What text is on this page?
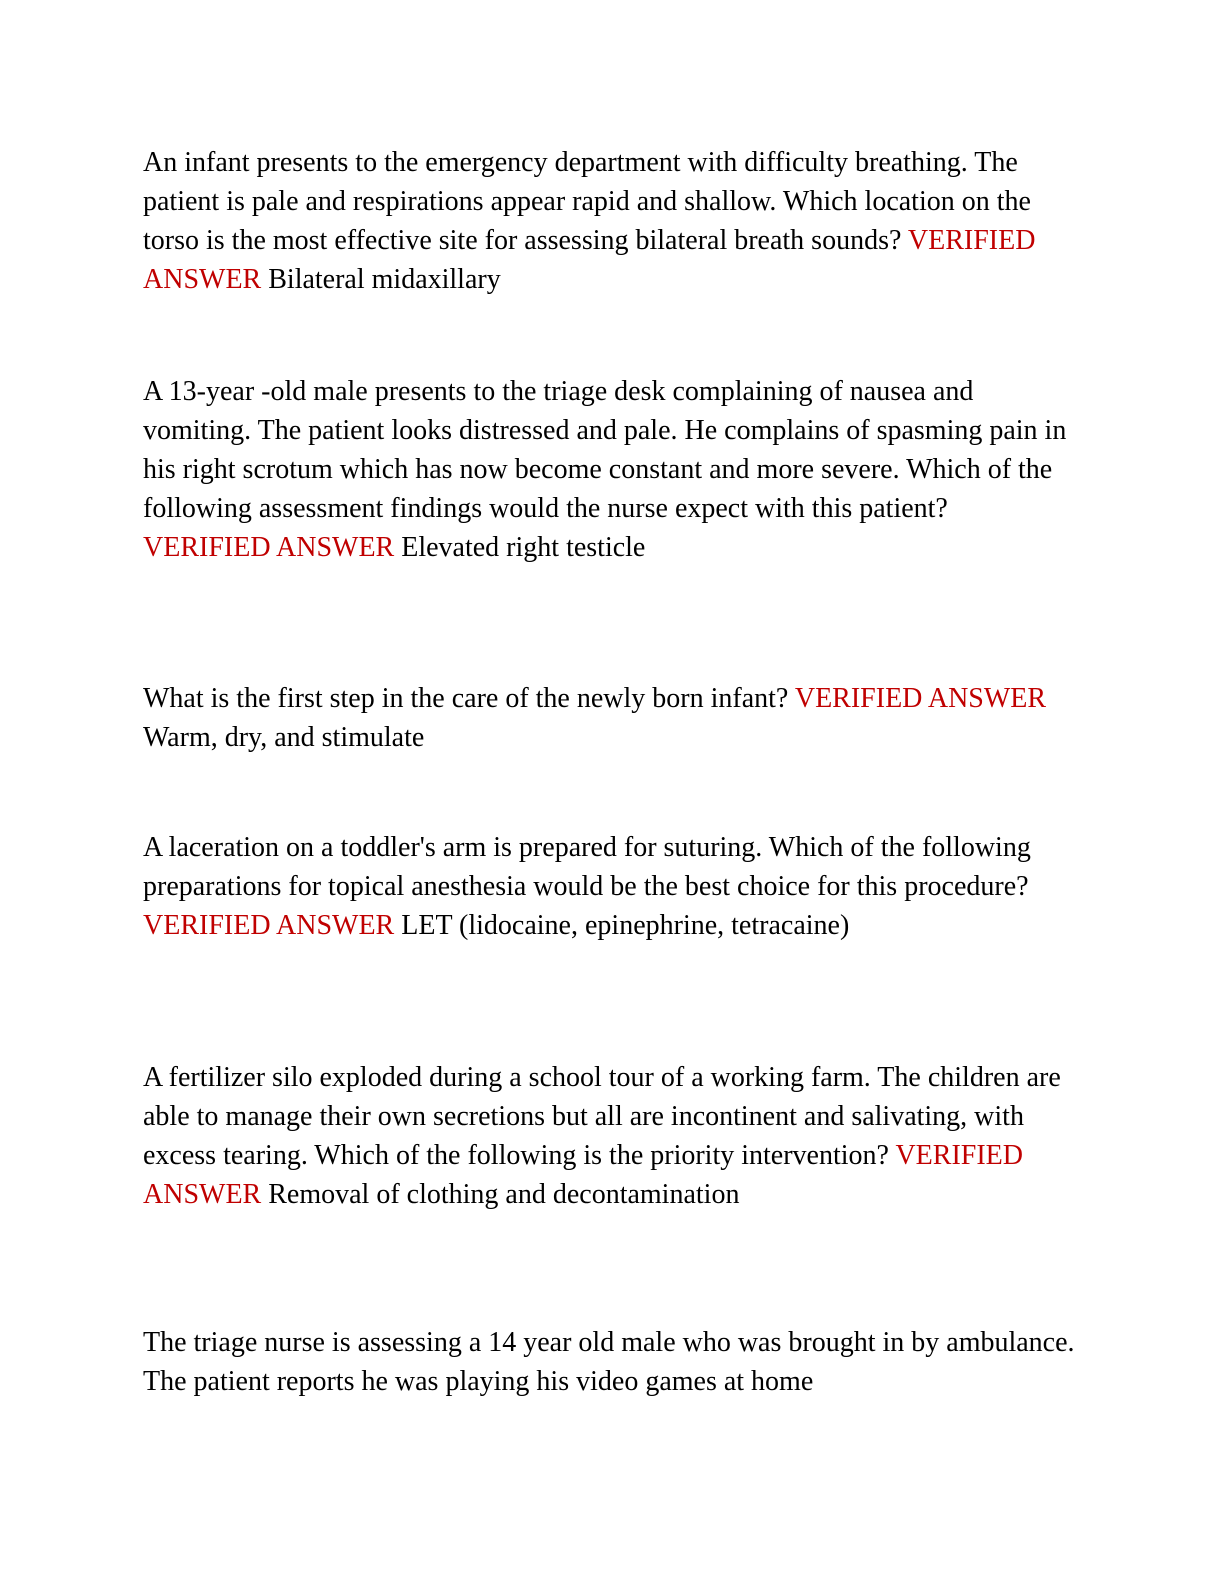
An infant presents to the emergency department with difficulty breathing. The patient is pale and respirations appear rapid and shallow. Which location on the torso is the most effective site for assessing bilateral breath sounds? VERIFIED ANSWER Bilateral midaxillary

A 13-year -old male presents to the triage desk complaining of nausea and vomiting. The patient looks distressed and pale. He complains of spasming pain in his right scrotum which has now become constant and more severe. Which of the following assessment findings would the nurse expect with this patient? VERIFIED ANSWER Elevated right testicle

What is the first step in the care of the newly born infant? VERIFIED ANSWER Warm, dry, and stimulate

A laceration on a toddler's arm is prepared for suturing. Which of the following preparations for topical anesthesia would be the best choice for this procedure? VERIFIED ANSWER LET (lidocaine, epinephrine, tetracaine)

A fertilizer silo exploded during a school tour of a working farm. The children are able to manage their own secretions but all are incontinent and salivating, with excess tearing. Which of the following is the priority intervention? VERIFIED ANSWER Removal of clothing and decontamination

The triage nurse is assessing a 14 year old male who was brought in by ambulance. The patient reports he was playing his video games at home
